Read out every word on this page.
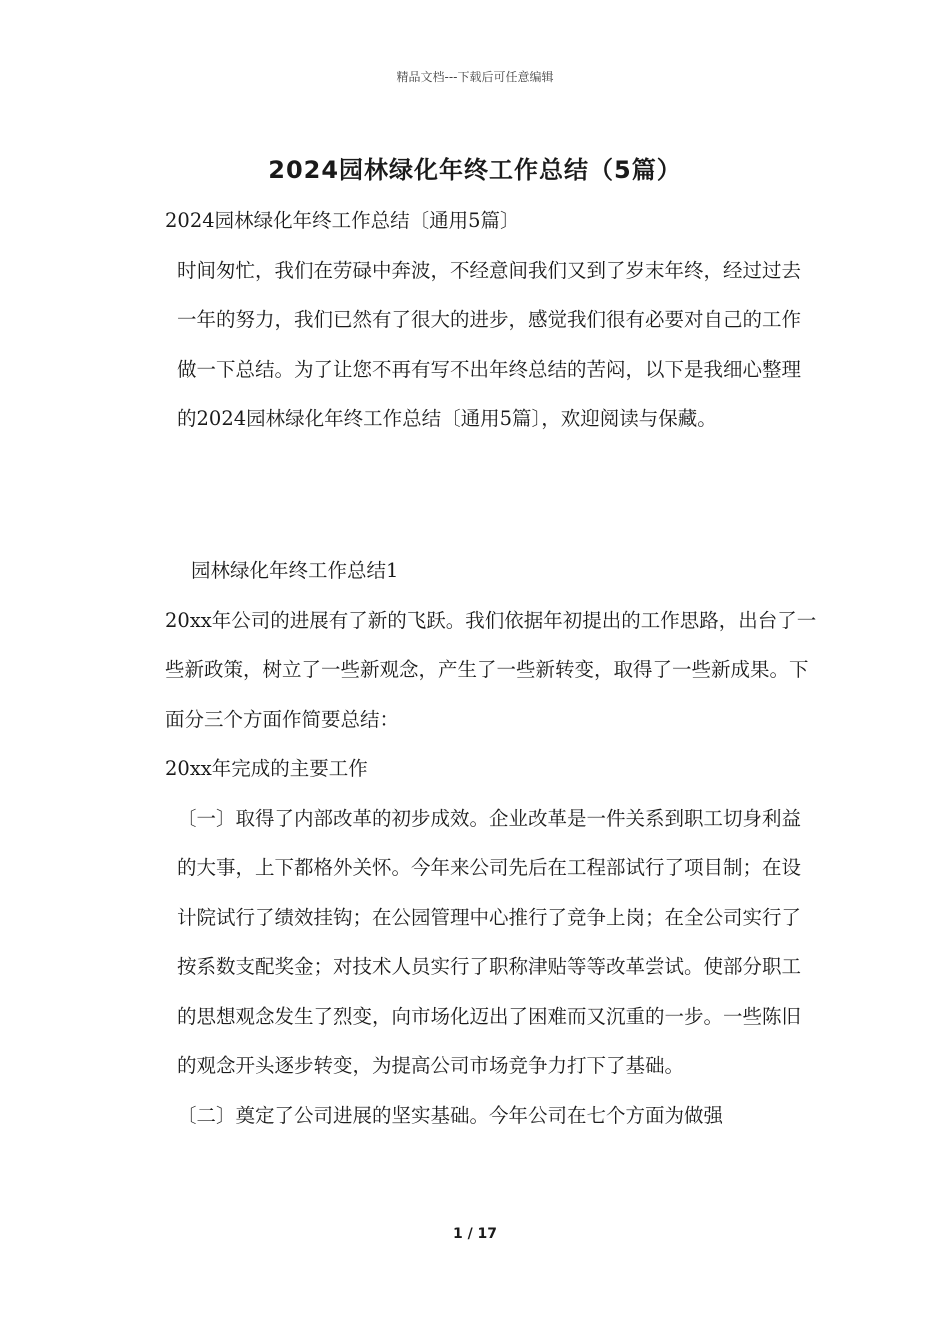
精品文档---下载后可任意编辑
2024园林绿化年终工作总结（5篇）

2024园林绿化年终工作总结〔通用5篇〕

时间匆忙，我们在劳碌中奔波，不经意间我们又到了岁末年终，经过过去一年的努力，我们已然有了很大的进步，感觉我们很有必要对自己的工作做一下总结。为了让您不再有写不出年终总结的苦闷，以下是我细心整理的2024园林绿化年终工作总结〔通用5篇〕，欢迎阅读与保藏。

园林绿化年终工作总结1

20xx年公司的进展有了新的飞跃。我们依据年初提出的工作思路，出台了一些新政策，树立了一些新观念，产生了一些新转变，取得了一些新成果。下面分三个方面作简要总结：

20xx年完成的主要工作

〔一〕取得了内部改革的初步成效。企业改革是一件关系到职工切身利益的大事，上下都格外关怀。今年来公司先后在工程部试行了项目制；在设计院试行了绩效挂钩；在公园管理中心推行了竞争上岗；在全公司实行了按系数支配奖金；对技术人员实行了职称津贴等等改革尝试。使部分职工的思想观念发生了烈变，向市场化迈出了困难而又沉重的一步。一些陈旧的观念开头逐步转变，为提高公司市场竞争力打下了基础。

〔二〕奠定了公司进展的坚实基础。今年公司在七个方面为做强

1 / 17
